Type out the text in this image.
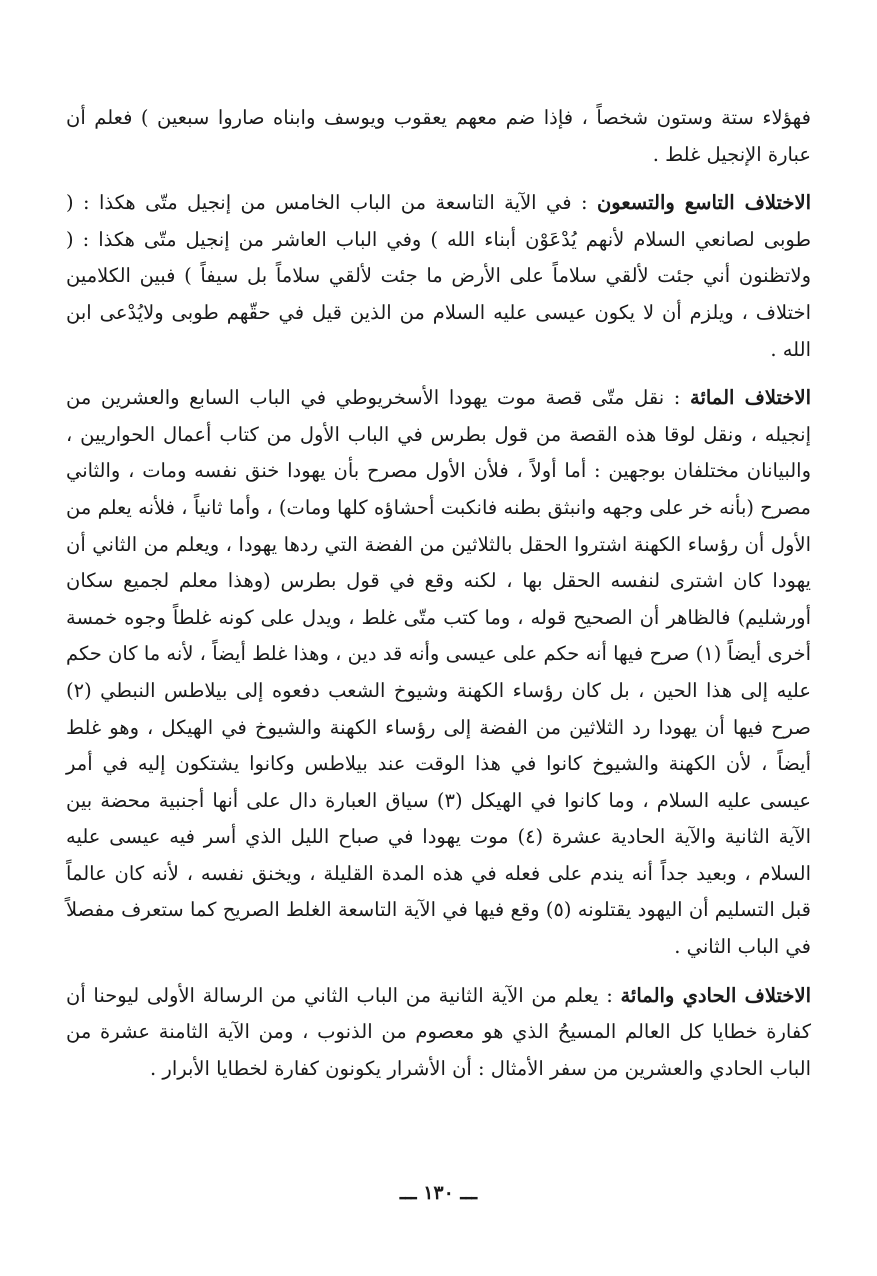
فهؤلاء ستة وستون شخصاً ، فإذا ضم معهم يعقوب ويوسف وابناه صاروا سبعين ) فعلم أن عبارة الإنجيل غلط .

الاختلاف التاسع والتسعون : في الآية التاسعة من الباب الخامس من إنجيل متّى هكذا : ( طوبى لصانعي السلام لأنهم يُدْعَوْن أبناء الله ) وفي الباب العاشر من إنجيل متّى هكذا : ( ولاتظنون أني جئت لألقي سلاماً على الأرض ما جئت لألقي سلاماً بل سيفاً ) فبين الكلامين اختلاف ، ويلزم أن لا يكون عيسى عليه السلام من الذين قيل في حقّهم طوبى ولايُدْعى ابن الله .

الاختلاف المائة : نقل متّى قصة موت يهودا الأسخريوطي في الباب السابع والعشرين من إنجيله ، ونقل لوقا هذه القصة من قول بطرس في الباب الأول من كتاب أعمال الحواريين ، والبيانان مختلفان بوجهين : أما أولاً ، فلأن الأول مصرح بأن يهودا خنق نفسه ومات ، والثاني مصرح (بأنه خر على وجهه وانبثق بطنه فانكبت أحشاؤه كلها ومات) ، وأما ثانياً ، فلأنه يعلم من الأول أن رؤساء الكهنة اشتروا الحقل بالثلاثين من الفضة التي ردها يهودا ، ويعلم من الثاني أن يهودا كان اشترى لنفسه الحقل بها ، لكنه وقع في قول بطرس (وهذا معلم لجميع سكان أورشليم) فالظاهر أن الصحيح قوله ، وما كتب متّى غلط ، ويدل على كونه غلطاً وجوه خمسة أخرى أيضاً (١) صرح فيها أنه حكم على عيسى وأنه قد دين ، وهذا غلط أيضاً ، لأنه ما كان حكم عليه إلى هذا الحين ، بل كان رؤساء الكهنة وشيوخ الشعب دفعوه إلى بيلاطس النبطي (٢) صرح فيها أن يهودا رد الثلاثين من الفضة إلى رؤساء الكهنة والشيوخ في الهيكل ، وهو غلط أيضاً ، لأن الكهنة والشيوخ كانوا في هذا الوقت عند بيلاطس وكانوا يشتكون إليه في أمر عيسى عليه السلام ، وما كانوا في الهيكل (٣) سياق العبارة دال على أنها أجنبية محضة بين الآية الثانية والآية الحادية عشرة (٤) موت يهودا في صباح الليل الذي أسر فيه عيسى عليه السلام ، وبعيد جداً أنه يندم على فعله في هذه المدة القليلة ، ويخنق نفسه ، لأنه كان عالماً قبل التسليم أن اليهود يقتلونه (٥) وقع فيها في الآية التاسعة الغلط الصريح كما ستعرف مفصلاً في الباب الثاني .

الاختلاف الحادي والمائة : يعلم من الآية الثانية من الباب الثاني من الرسالة الأولى ليوحنا أن كفارة خطايا كل العالم المسيحُ الذي هو معصوم من الذنوب ، ومن الآية الثامنة عشرة من الباب الحادي والعشرين من سفر الأمثال : أن الأشرار يكونون كفارة لخطايا الأبرار .

ـــ ١٣٠ ـــ
